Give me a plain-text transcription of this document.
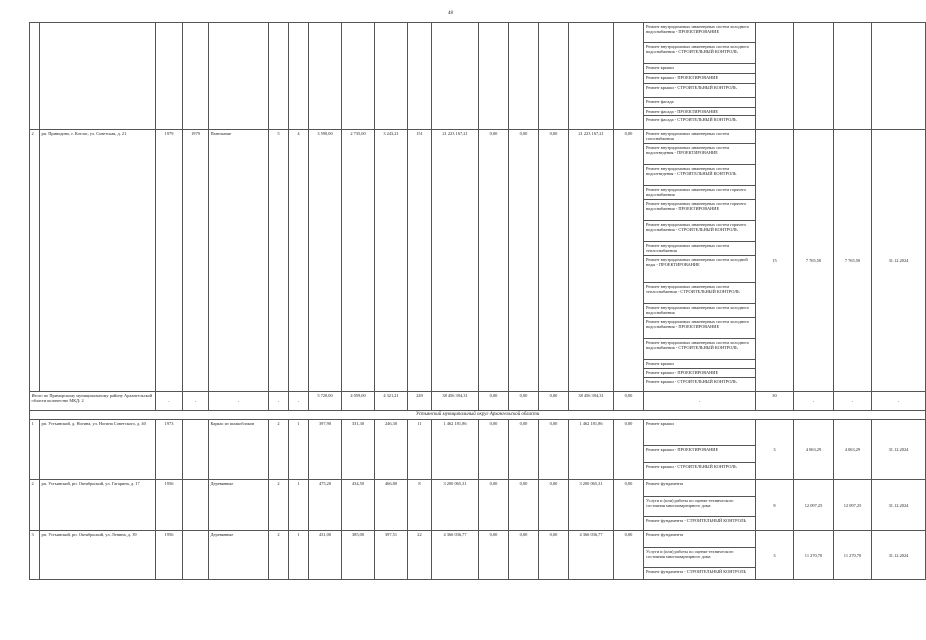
48
																	Ремонт внутридомовых инженерных систем холодного водоснабжения - ПРОЕКТИРОВАНИЕ				
																	Ремонт внутридомовых инженерных систем холодного водоснабжения - СТРОИТЕЛЬНЫЙ КОНТРОЛЬ				
																	Ремонт крыши				
																	Ремонт крыши - ПРОЕКТИРОВАНИЕ				
																	Ремонт крыши - СТРОИТЕЛЬНЫЙ КОНТРОЛЬ				
																	Ремонт фасада				
																	Ремонт фасада - ПРОЕКТИРОВАНИЕ				
																	Ремонт фасада - СТРОИТЕЛЬНЫЙ КОНТРОЛЬ				
2	рп. Приводино, г. Котлас, ул. Советская, д. 21	1979	1979	Панельные	5	4	3 590,00	2 735,00	3 243,21	151	21 223 167,21	0,00	0,00	0,00	21 223 167,21	0,00	Ремонт внутридомовых инженерных систем газоснабжения	15	7 765,50	7 765,50	31.12.2024
																	Ремонт внутридомовых инженерных систем водоотведения - ПРОЕКТИРОВАНИЕ				
																	Ремонт внутридомовых инженерных систем водоотведения - СТРОИТЕЛЬНЫЙ КОНТРОЛЬ				
																	Ремонт внутридомовых инженерных систем горячего водоснабжения				
																	Ремонт внутридомовых инженерных систем горячего водоснабжения - ПРОЕКТИРОВАНИЕ				
																	Ремонт внутридомовых инженерных систем горячего водоснабжения - СТРОИТЕЛЬНЫЙ КОНТРОЛЬ				
																	Ремонт внутридомовых инженерных систем теплоснабжения				
																	Ремонт внутридомовых инженерных систем холодной воды - ПРОЕКТИРОВАНИЕ				
																	Ремонт внутридомовых инженерных систем теплоснабжения - СТРОИТЕЛЬНЫЙ КОНТРОЛЬ				
																	Ремонт внутридомовых инженерных систем холодного водоснабжения				
																	Ремонт внутридомовых инженерных систем холодного водоснабжения - ПРОЕКТИРОВАНИЕ				
																	Ремонт внутридомовых инженерных систем холодного водоснабжения - СТРОИТЕЛЬНЫЙ КОНТРОЛЬ				
																	Ремонт крыши				
																	Ремонт крыши - ПРОЕКТИРОВАНИЕ				
																	Ремонт крыши - СТРОИТЕЛЬНЫЙ КОНТРОЛЬ				
Итого по Приморскому муниципальному району Архангельской области количество МКД: 2		-	-	-	-	-	5 720,00	4 059,00	4 321,21	249	38 456 394,31	0,00	0,00	0,00	38 456 394,31	0,00	-	30	-	-	-
Устьянский муниципальный округ Архангельской области																					
1	рп. Устьянский, д. Ногина, ул. Ногина Советского, д. 40	1973		Каркас из шлакоблоков	2	1	397,90	331,30	246,30	11	1 462 181,86	0,00	0,00	0,00	1 462 181,86	0,00	Ремонт крыши	3	4 063,29	4 063,29	31.12.2024
																	Ремонт крыши - ПРОЕКТИРОВАНИЕ				
																	Ремонт крыши - СТРОИТЕЛЬНЫЙ КОНТРОЛЬ				
2	рп. Устьянский, рп. Октябрьский, ул. Гагарина, д. 17	1956		Деревянные	2	1	475,20	434,50	466,80	8	3 200 065,31	0,00	0,00	0,00	3 200 065,31	0,00	Ремонт фундамента	8	12 097,25	12 097,25	31.12.2024
																	Услуги и (или) работы по оценке технического состояния многоквартирного дома				
																	Ремонт фундамента - СТРОИТЕЛЬНЫЙ КОНТРОЛЬ				
3	рп. Устьянский, рп. Октябрьский, ул. Ленина, д. 39	1956		Деревянные	2	1	431,00	385,00	397,51	22	4 366 036,77	0,00	0,00	0,00	4 366 036,77	0,00	Ремонт фундамента	3	11 270,70	11 270,70	31.12.2024
																	Услуги и (или) работы по оценке технического состояния многоквартирного дома				
																	Ремонт фундамента - СТРОИТЕЛЬНЫЙ КОНТРОЛЬ				
